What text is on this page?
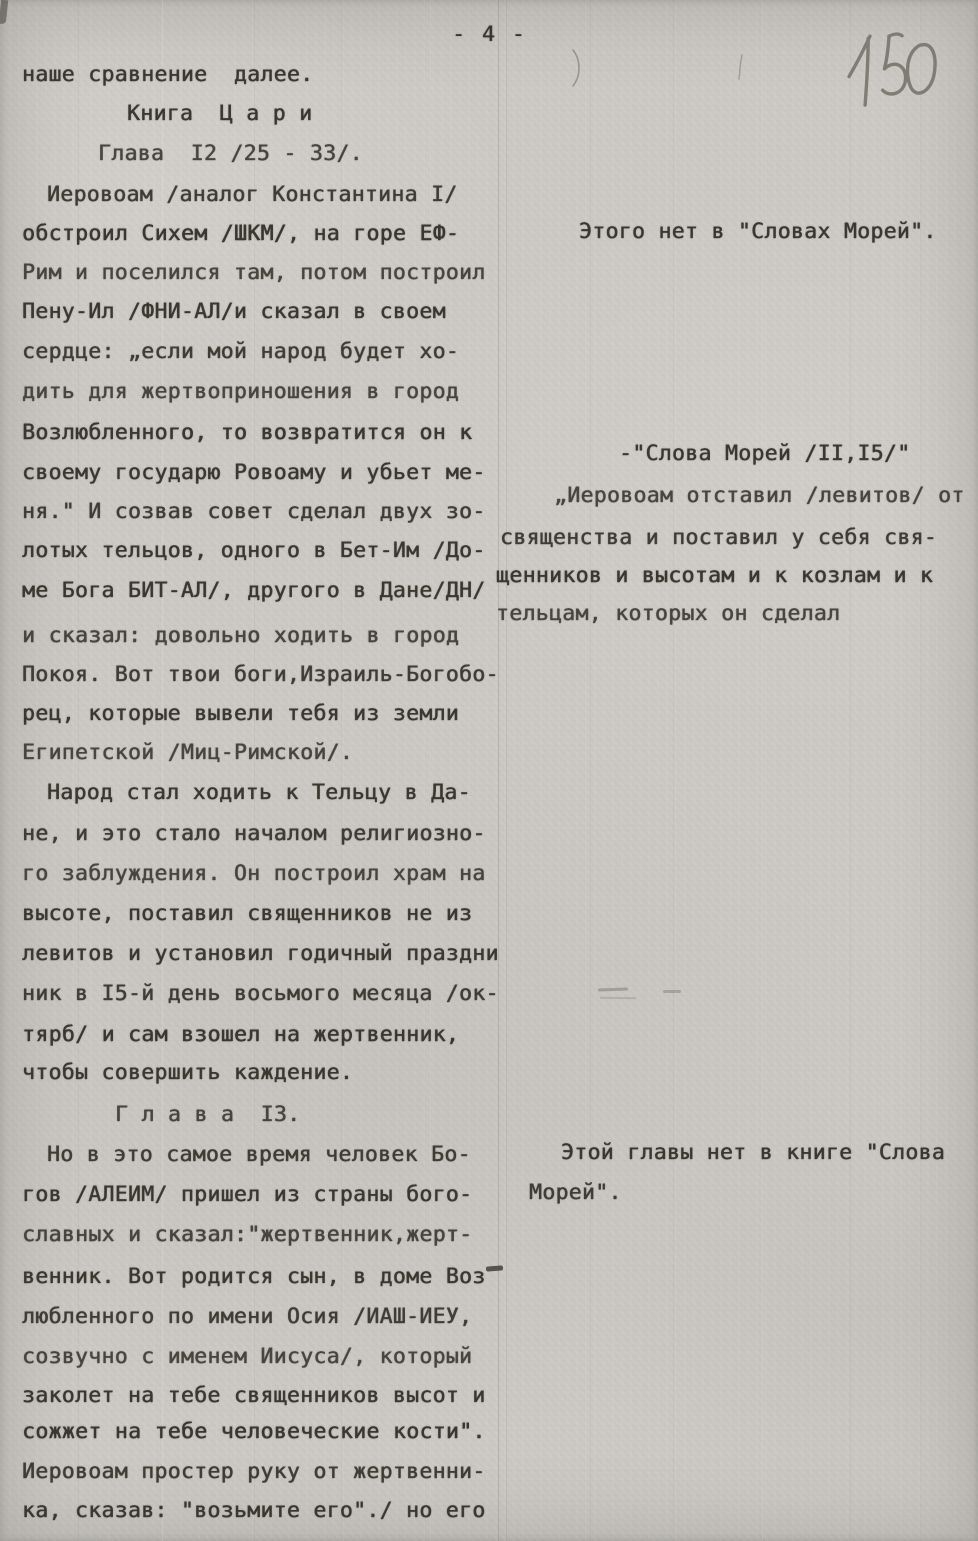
- 4 -
наше сравнение  далее.
Книга  Ц а р и
Глава  I2 /25 - 33/.
Иеровоам /аналог Константина I/
обстроил Сихем /ШКМ/, на горе ЕФ-
Рим и поселился там, потом построил
Пену-Ил /ФНИ-АЛ/и сказал в своем
сердце: „если мой народ будет хо-
дить для жертвоприношения в город
Возлюбленного, то возвратится он к
своему государю Ровоаму и убьет ме-
ня." И созвав совет сделал двух зо-
лотых тельцов, одного в Бет-Им /До-
ме Бога БИТ-АЛ/, другого в Дане/ДН/
и сказал: довольно ходить в город
Покоя. Вот твои боги,Израиль-Богобо-
рец, которые вывели тебя из земли
Египетской /Миц-Римской/.
Народ стал ходить к Тельцу в Да-
не, и это стало началом религиозно-
го заблуждения. Он построил храм на
высоте, поставил священников не из
левитов и установил годичный праздни
ник в I5-й день восьмого месяца /ок-
тярб/ и сам взошел на жертвенник,
чтобы совершить каждение.
Г л а в а  I3.
Но в это самое время человек Бо-
гов /АЛЕИМ/ пришел из страны бого-
славных и сказал:"жертвенник,жерт-
венник. Вот родится сын, в доме Воз
любленного по имени Осия /ИАШ-ИЕУ,
созвучно с именем Иисуса/, который
заколет на тебе священников высот и
сожжет на тебе человеческие кости".
Иеровоам простер руку от жертвенни-
ка, сказав: "возьмите его"./ но его
Этого нет в "Словах Морей".
-"Слова Морей /II,I5/"
„Иеровоам отставил /левитов/ от
священства и поставил у себя свя-
щенников и высотам и к козлам и к
тельцам, которых он сделал
Этой главы нет в книге "Слова
Морей".
